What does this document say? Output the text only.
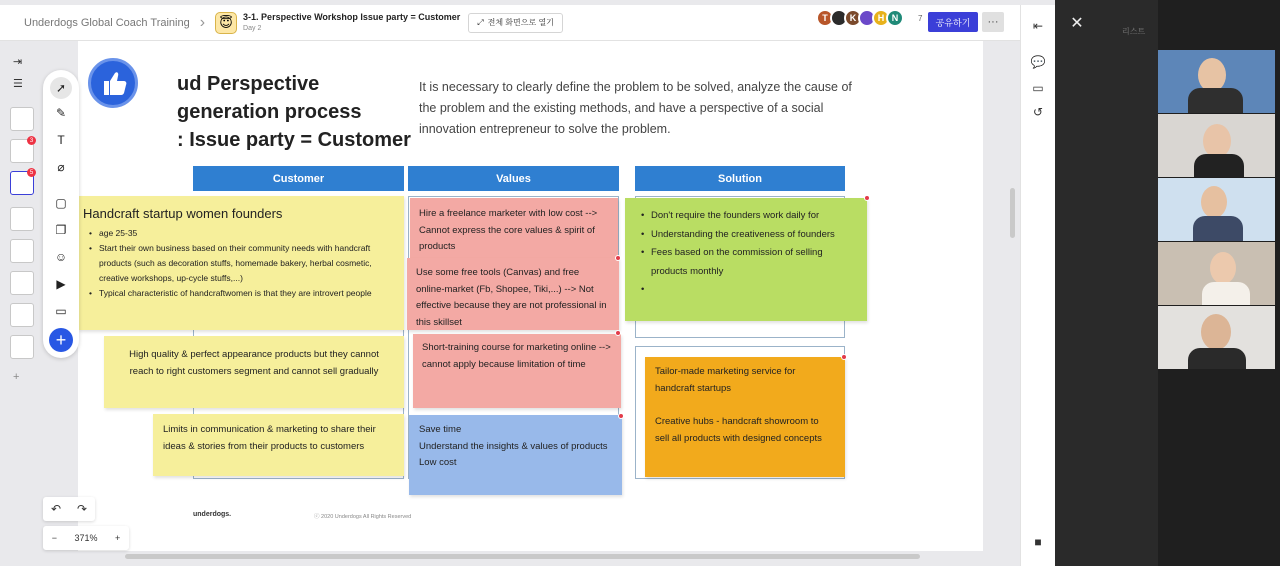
Underdogs Global Coach Training ›	😇	3-1. Perspective Workshop Issue party = Customer
Day 2
⤢ 전체 화면으로 열기	T	K	H N	7	공유하기	···	⇤
💬
▭
↺
■
⇥
☰
3
5
+
ud Perspective
generation process
: Issue party = Customer
It is necessary to clearly define the problem to be solved, analyze the cause of the problem and the existing methods, and have a perspective of a social innovation entrepreneur to solve the problem.
Customer	Values	Solution
Handcraft startup women founders
• age 25-35
• Start their own business based on their community needs with handcraft products (such as decoration stuffs, homemade bakery, herbal cosmetic, creative workshops, up-cycle stuffs,...)
• Typical characteristic of handcraftwomen is that they are introvert people
High quality & perfect appearance products but they cannot reach to right customers segment and cannot sell gradually
Limits in communication & marketing to share their ideas & stories from their products to customers
Hire a freelance marketer with low cost --> Cannot express the core values & spirit of products
Use some free tools (Canvas) and free online-market (Fb, Shopee, Tiki,...) --> Not effective because they are not professional in this skillset
Short-training course for marketing online --> cannot apply because limitation of time
Save time
Understand the insights & values of products
Low cost
• Don't require the founders work daily for
• Understanding the creativeness of founders
• Fees based on the commission of selling products monthly
Tailor-made marketing service for handcraft startups
Creative hubs - handcraft showroom to sell all products with designed concepts
underdogs.	ⓒ 2020 Underdogs All Rights Reserved
➚
✎
T
⌀
▢
❐
☺
▶
▭
+
↶ ↷
− 371% +
리스트
✕
